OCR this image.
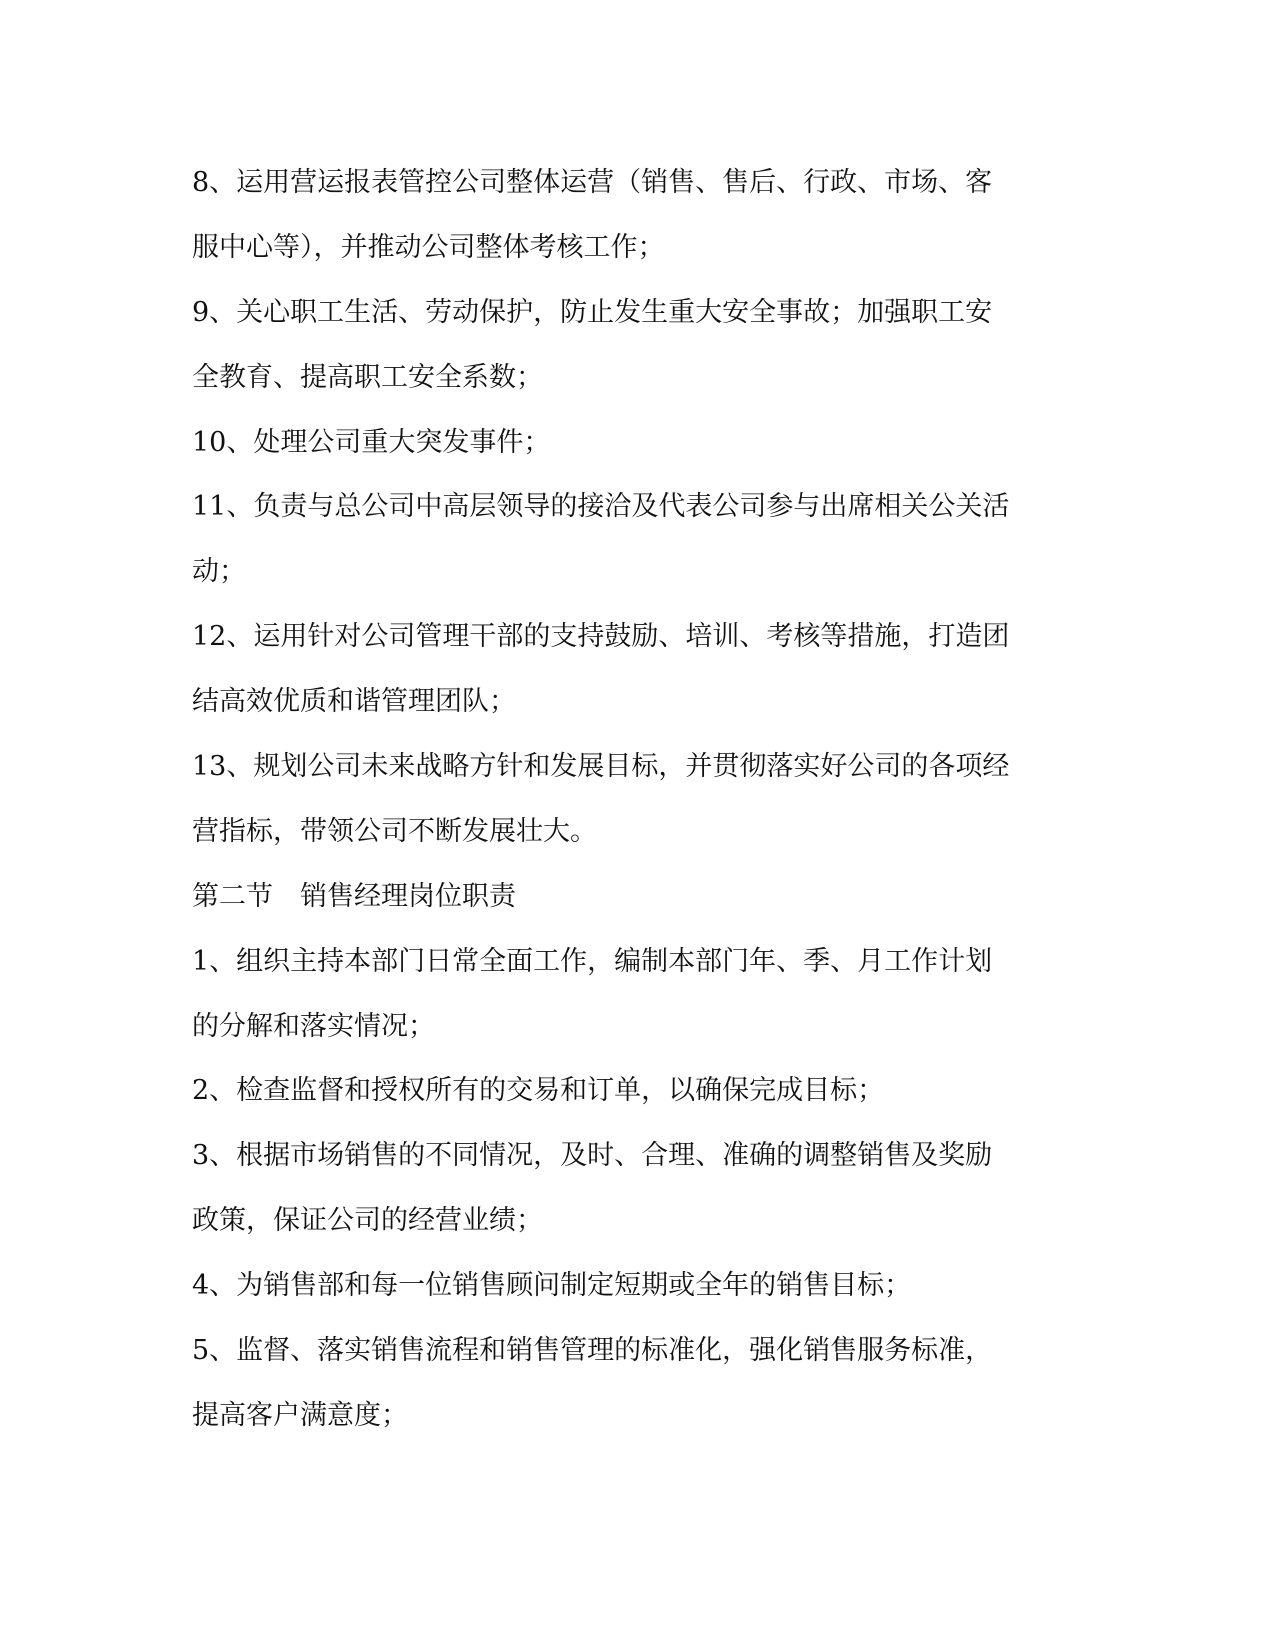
8、运用营运报表管控公司整体运营（销售、售后、行政、市场、客

服中心等），并推动公司整体考核工作；

9、关心职工生活、劳动保护，防止发生重大安全事故；加强职工安

全教育、提高职工安全系数；

10、处理公司重大突发事件；

11、负责与总公司中高层领导的接洽及代表公司参与出席相关公关活

动；

12、运用针对公司管理干部的支持鼓励、培训、考核等措施，打造团

结高效优质和谐管理团队；

13、规划公司未来战略方针和发展目标，并贯彻落实好公司的各项经

营指标，带领公司不断发展壮大。

第二节　销售经理岗位职责

1、组织主持本部门日常全面工作，编制本部门年、季、月工作计划

的分解和落实情况；

2、检查监督和授权所有的交易和订单，以确保完成目标；

3、根据市场销售的不同情况，及时、合理、准确的调整销售及奖励

政策，保证公司的经营业绩；

4、为销售部和每一位销售顾问制定短期或全年的销售目标；

5、监督、落实销售流程和销售管理的标准化，强化销售服务标准，

提高客户满意度；
